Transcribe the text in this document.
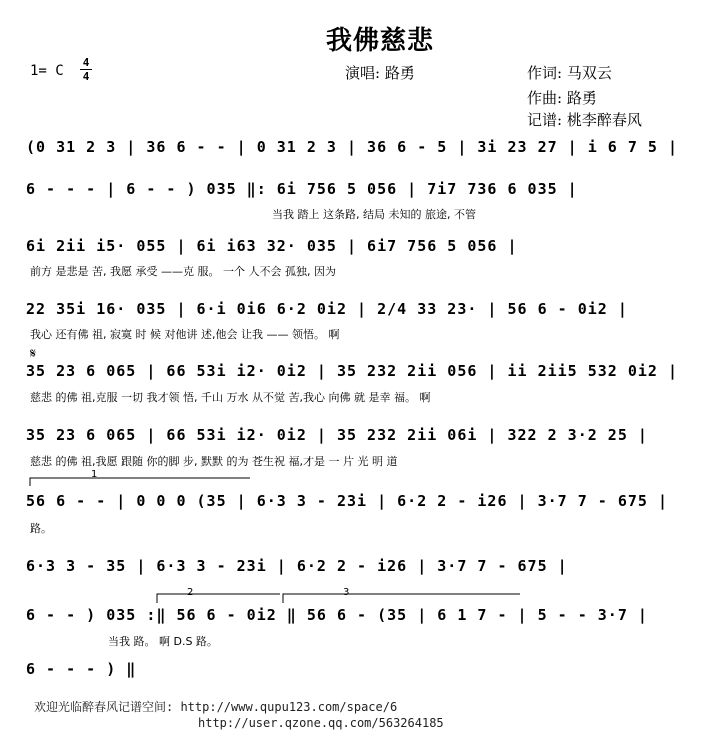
我佛慈悲
1= C
4
4	演唱: 路勇	作词: 马双云
作曲: 路勇
记谱: 桃李醉春风
(0 31 2 3 | 36 6 - - | 0 31 2 3 | 36 6 - 5 | 3i 23 27 | i 6 7 5 |
6 - - - | 6 - - ) 035 ‖: 6i 756 5 056 | 7i7 736 6 035 |
当我 踏上 这条路, 结局 未知的 旅途, 不管
6i 2ii i5· 055 | 6i i63 32· 035 | 6i7 756 5 056 |
前方 是悲是 苦, 我愿 承受 ——克 服。 一个 人不会 孤独, 因为
22 35i 16· 035 | 6·i 0i6 6·2 0i2 | 2/4 33 23· | 56 6 - 0i2 |
我心 还有佛 祖, 寂寞 时 候 对他讲 述,他会 让我 —— 领悟。 啊
35 23 6 065 | 66 53i i2· 0i2 | 35 232 2ii 056 | ii 2ii5 532 0i2 |
慈悲 的佛 祖,克服 一切 我才领 悟, 千山 万水 从不觉 苦,我心 向佛 就 是幸 福。 啊
35 23 6 065 | 66 53i i2· 0i2 | 35 232 2ii 06i | 322 2 3·2 25 |
慈悲 的佛 祖,我愿 跟随 你的脚 步, 默默 的为 苍生祝 福,才是 一 片 光 明 道
56 6 - - | 0 0 0 (35 | 6·3 3 - 23i | 6·2 2 - i26 | 3·7 7 - 675 |
路。
6·3 3 - 35 | 6·3 3 - 23i | 6·2 2 - i26 | 3·7 7 - 675 |
6 - - ) 035 :‖ 56 6 - 0i2 ‖ 56 6 - (35 | 6 1 7 - | 5 - - 3·7 |
当我 路。 啊 D.S 路。
6 - - - ) ‖
𝄋
1
2	3
欢迎光临醉春风记谱空间: http://www.qupu123.com/space/6
http://user.qzone.qq.com/563264185
